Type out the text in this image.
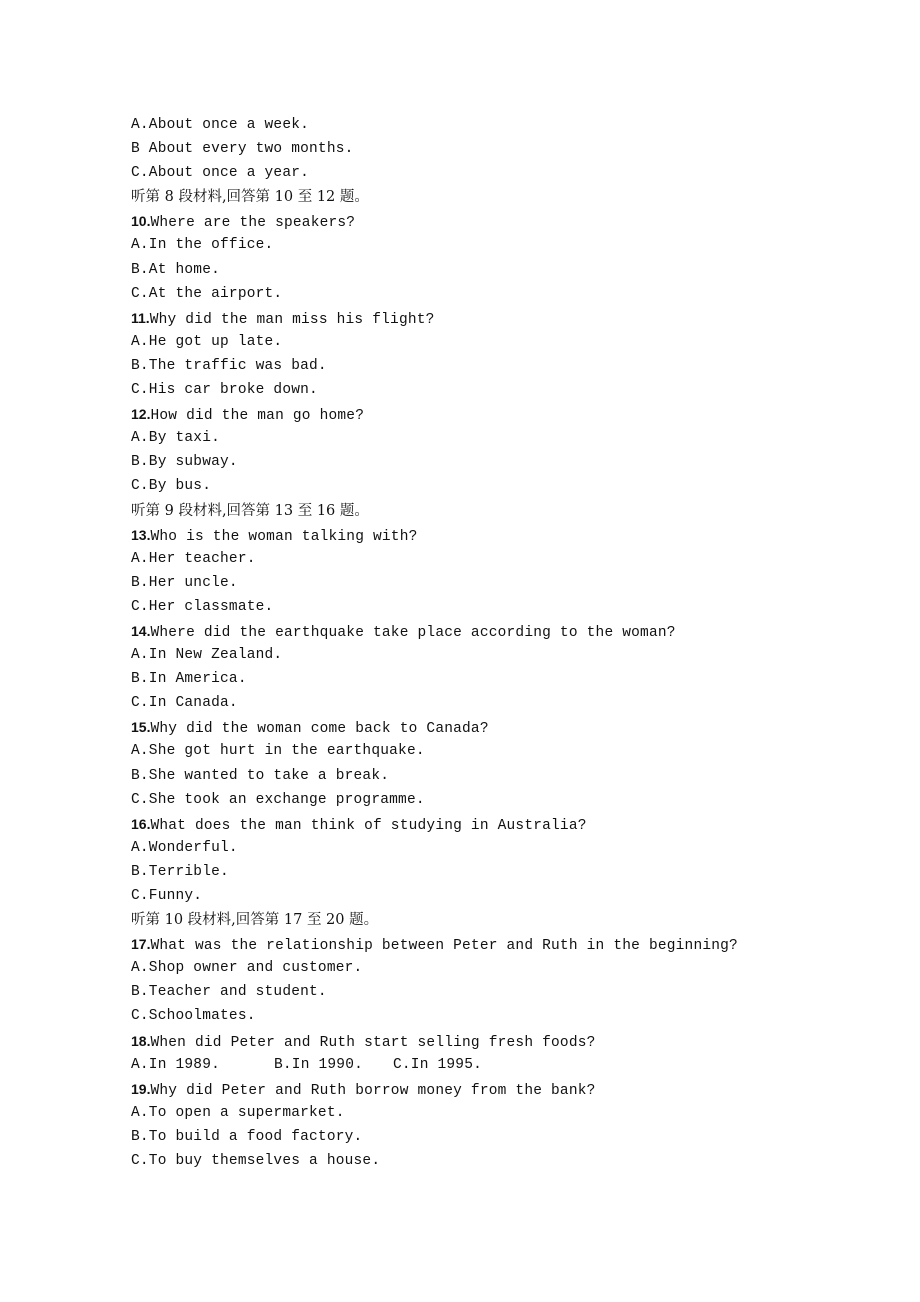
A.About once a week.
B About every two months.
C.About once a year.
听第 8 段材料,回答第 10 至 12 题。
10.Where are the speakers?
A.In the office.
B.At home.
C.At the airport.
11.Why did the man miss his flight?
A.He got up late.
B.The traffic was bad.
C.His car broke down.
12.How did the man go home?
A.By taxi.
B.By subway.
C.By bus.
听第 9 段材料,回答第 13 至 16 题。
13.Who is the woman talking with?
A.Her teacher.
B.Her uncle.
C.Her classmate.
14.Where did the earthquake take place according to the woman?
A.In New Zealand.
B.In America.
C.In Canada.
15.Why did the woman come back to Canada?
A.She got hurt in the earthquake.
B.She wanted to take a break.
C.She took an exchange programme.
16.What does the man think of studying in Australia?
A.Wonderful.
B.Terrible.
C.Funny.
听第 10 段材料,回答第 17 至 20 题。
17.What was the relationship between Peter and Ruth in the beginning?
A.Shop owner and customer.
B.Teacher and student.
C.Schoolmates.
18.When did Peter and Ruth start selling fresh foods?
A.In 1989.	B.In 1990. C.In 1995.
19.Why did Peter and Ruth borrow money from the bank?
A.To open a supermarket.
B.To build a food factory.
C.To buy themselves a house.
